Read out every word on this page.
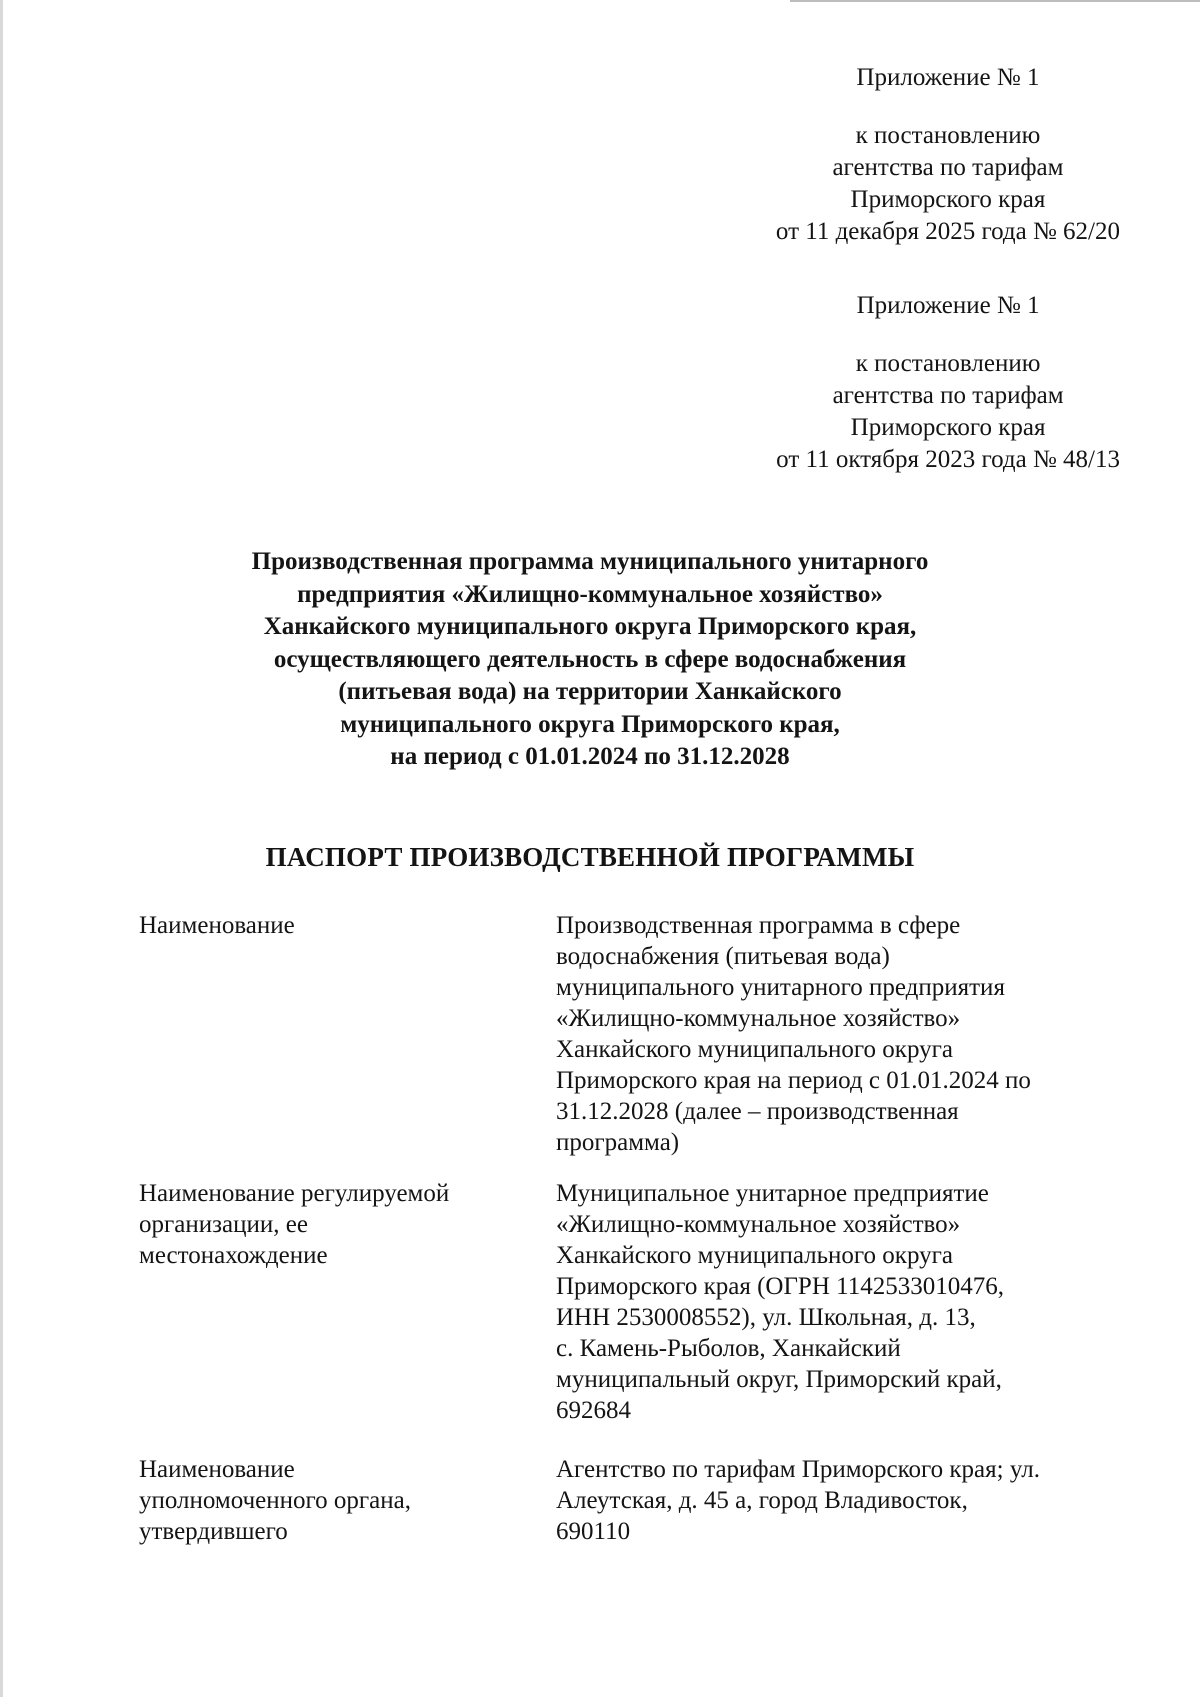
Приложение № 1
к постановлению
агентства по тарифам
Приморского края
от 11 декабря 2025 года № 62/20
Приложение № 1
к постановлению
агентства по тарифам
Приморского края
от 11 октября 2023 года № 48/13
Производственная программа муниципального унитарного
предприятия «Жилищно-коммунальное хозяйство»
Ханкайского муниципального округа Приморского края,
осуществляющего деятельность в сфере водоснабжения
(питьевая вода) на территории Ханкайского
муниципального округа Приморского края,
на период с 01.01.2024 по 31.12.2028
ПАСПОРТ ПРОИЗВОДСТВЕННОЙ ПРОГРАММЫ
Наименование	Производственная программа в сфере
водоснабжения (питьевая вода)
муниципального унитарного предприятия
«Жилищно-коммунальное хозяйство»
Ханкайского муниципального округа
Приморского края на период с 01.01.2024 по
31.12.2028 (далее – производственная
программа)
Наименование регулируемой
организации, ее
местонахождение
Муниципальное унитарное предприятие
«Жилищно-коммунальное хозяйство»
Ханкайского муниципального округа
Приморского края (ОГРН 1142533010476,
ИНН 2530008552), ул. Школьная, д. 13,
с. Камень-Рыболов, Ханкайский
муниципальный округ, Приморский край,
692684
Наименование
уполномоченного органа,
утвердившего
Агентство по тарифам Приморского края; ул.
Алеутская, д. 45 а, город Владивосток,
690110
